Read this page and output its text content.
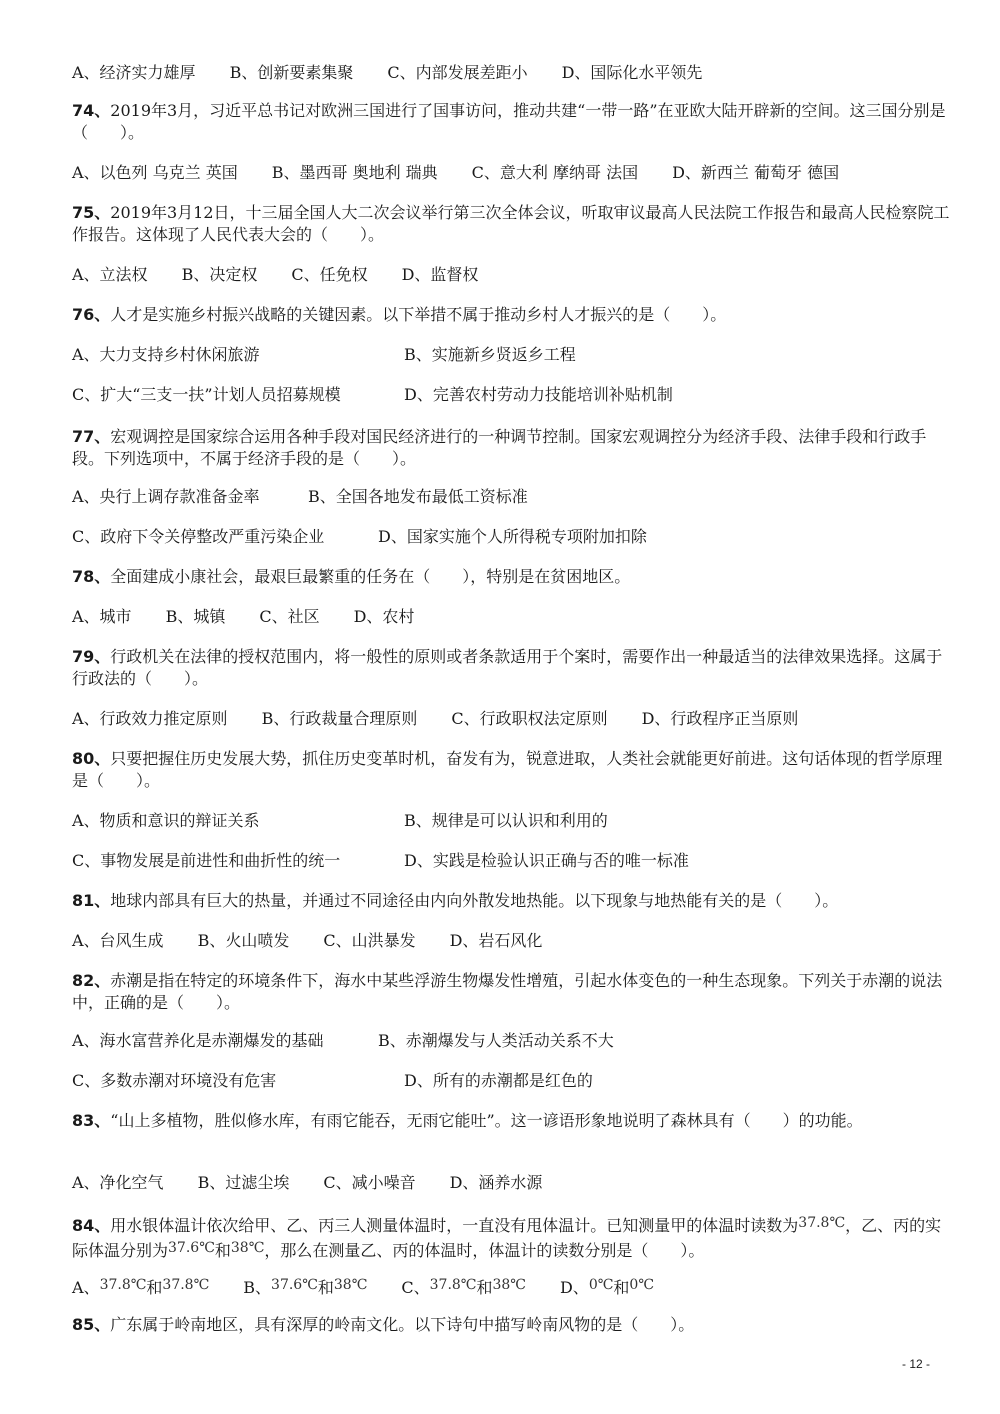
A、经济实力雄厚 B、创新要素集聚 C、内部发展差距小 D、国际化水平领先

74、2019年3月，习近平总书记对欧洲三国进行了国事访问，推动共建“一带一路”在亚欧大陆开辟新的空间。这三国分别是（　　）。

A、以色列 乌克兰 英国 B、墨西哥 奥地利 瑞典 C、意大利 摩纳哥 法国 D、新西兰 葡萄牙 德国

75、2019年3月12日，十三届全国人大二次会议举行第三次全体会议，听取审议最高人民法院工作报告和最高人民检察院工作报告。这体现了人民代表大会的（　　）。

A、立法权 B、决定权 C、任免权 D、监督权

76、人才是实施乡村振兴战略的关键因素。以下举措不属于推动乡村人才振兴的是（　　）。

A、大力支持乡村休闲旅游	B、实施新乡贤返乡工程
C、扩大“三支一扶”计划人员招募规模	D、完善农村劳动力技能培训补贴机制

77、宏观调控是国家综合运用各种手段对国民经济进行的一种调节控制。国家宏观调控分为经济手段、法律手段和行政手段。下列选项中，不属于经济手段的是（　　）。

A、央行上调存款准备金率	B、全国各地发布最低工资标准
C、政府下令关停整改严重污染企业	D、国家实施个人所得税专项附加扣除

78、全面建成小康社会，最艰巨最繁重的任务在（　　），特别是在贫困地区。

A、城市 B、城镇 C、社区 D、农村

79、行政机关在法律的授权范围内，将一般性的原则或者条款适用于个案时，需要作出一种最适当的法律效果选择。这属于行政法的（　　）。

A、行政效力推定原则 B、行政裁量合理原则 C、行政职权法定原则 D、行政程序正当原则

80、只要把握住历史发展大势，抓住历史变革时机，奋发有为，锐意进取，人类社会就能更好前进。这句话体现的哲学原理是（　　）。

A、物质和意识的辩证关系	B、规律是可以认识和利用的
C、事物发展是前进性和曲折性的统一	D、实践是检验认识正确与否的唯一标准

81、地球内部具有巨大的热量，并通过不同途径由内向外散发地热能。以下现象与地热能有关的是（　　）。

A、台风生成 B、火山喷发 C、山洪暴发 D、岩石风化

82、赤潮是指在特定的环境条件下，海水中某些浮游生物爆发性增殖，引起水体变色的一种生态现象。下列关于赤潮的说法中，正确的是（　　）。

A、海水富营养化是赤潮爆发的基础	B、赤潮爆发与人类活动关系不大
C、多数赤潮对环境没有危害	D、所有的赤潮都是红色的

83、“山上多植物，胜似修水库，有雨它能吞，无雨它能吐”。这一谚语形象地说明了森林具有（　　）的功能。

A、净化空气 B、过滤尘埃 C、减小噪音 D、涵养水源

84、用水银体温计依次给甲、乙、丙三人测量体温时，一直没有甩体温计。已知测量甲的体温时读数为37.8℃，乙、丙的实际体温分别为37.6℃和38℃，那么在测量乙、丙的体温时，体温计的读数分别是（　　）。

A、37.8℃和37.8℃ B、37.6℃和38℃ C、37.8℃和38℃ D、0℃和0℃

85、广东属于岭南地区，具有深厚的岭南文化。以下诗句中描写岭南风物的是（　　）。

- 12 -
